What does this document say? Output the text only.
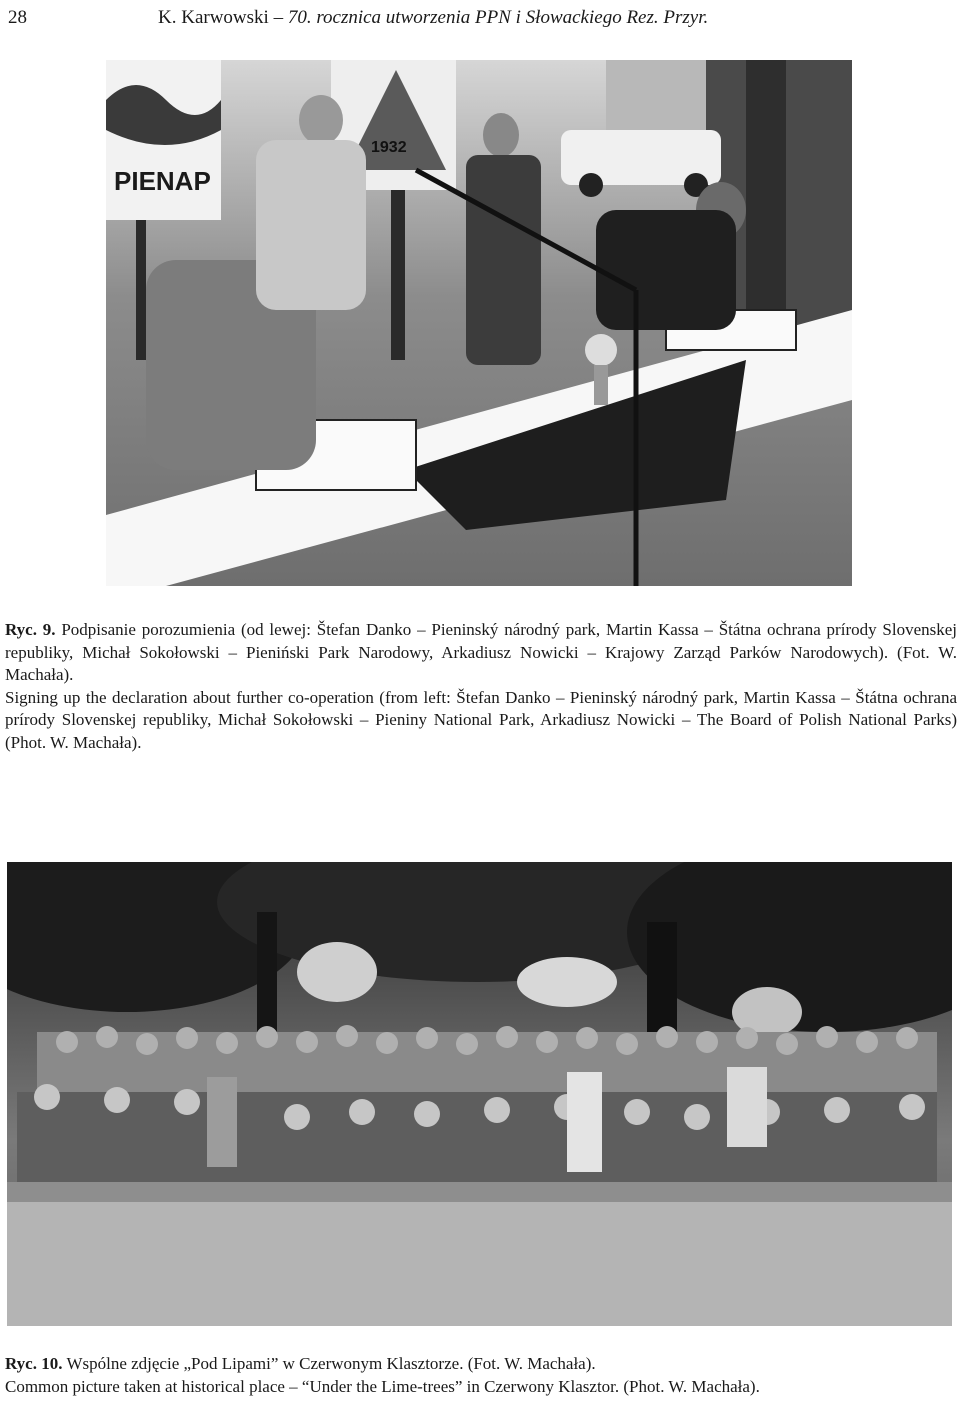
28	K. Karwowski – 70. rocznica utworzenia PPN i Słowackiego Rez. Przyr.
PIENAP
1932

Ryc. 9. Podpisanie porozumienia (od lewej: Štefan Danko – Pieninský národný park, Martin Kassa – Štátna ochrana prírody Slovenskej republiky, Michał Sokołowski – Pieniński Park Narodowy, Arkadiusz Nowicki – Krajowy Zarząd Parków Narodowych). (Fot. W. Machała).

Signing up the declaration about further co-operation (from left: Štefan Danko – Pieninský národný park, Martin Kassa – Štátna ochrana prírody Slovenskej republiky, Michał Sokołowski – Pieniny National Park, Arkadiusz Nowicki – The Board of Polish National Parks) (Phot. W. Machała).

Ryc. 10. Wspólne zdjęcie „Pod Lipami” w Czerwonym Klasztorze. (Fot. W. Machała).

Common picture taken at historical place – “Under the Lime-trees” in Czerwony Klasztor. (Phot. W. Machała).
